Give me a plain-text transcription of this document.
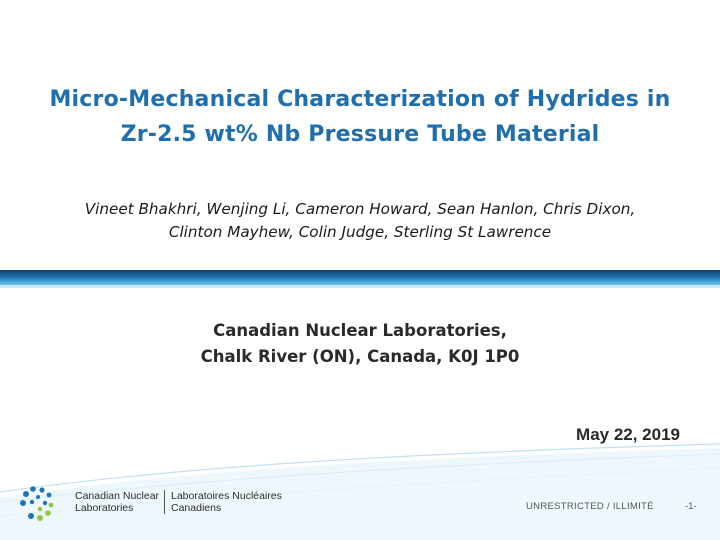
Micro-Mechanical Characterization of Hydrides in
Zr-2.5 wt% Nb Pressure Tube Material
Vineet Bhakhri, Wenjing Li, Cameron Howard, Sean Hanlon, Chris Dixon,
Clinton Mayhew, Colin Judge, Sterling St Lawrence
Canadian Nuclear Laboratories,
Chalk River (ON), Canada, K0J 1P0
May 22, 2019
Canadian Nuclear
Laboratories
Laboratoires Nucléaires
Canadiens	UNRESTRICTED / ILLIMITÉ	-1-
